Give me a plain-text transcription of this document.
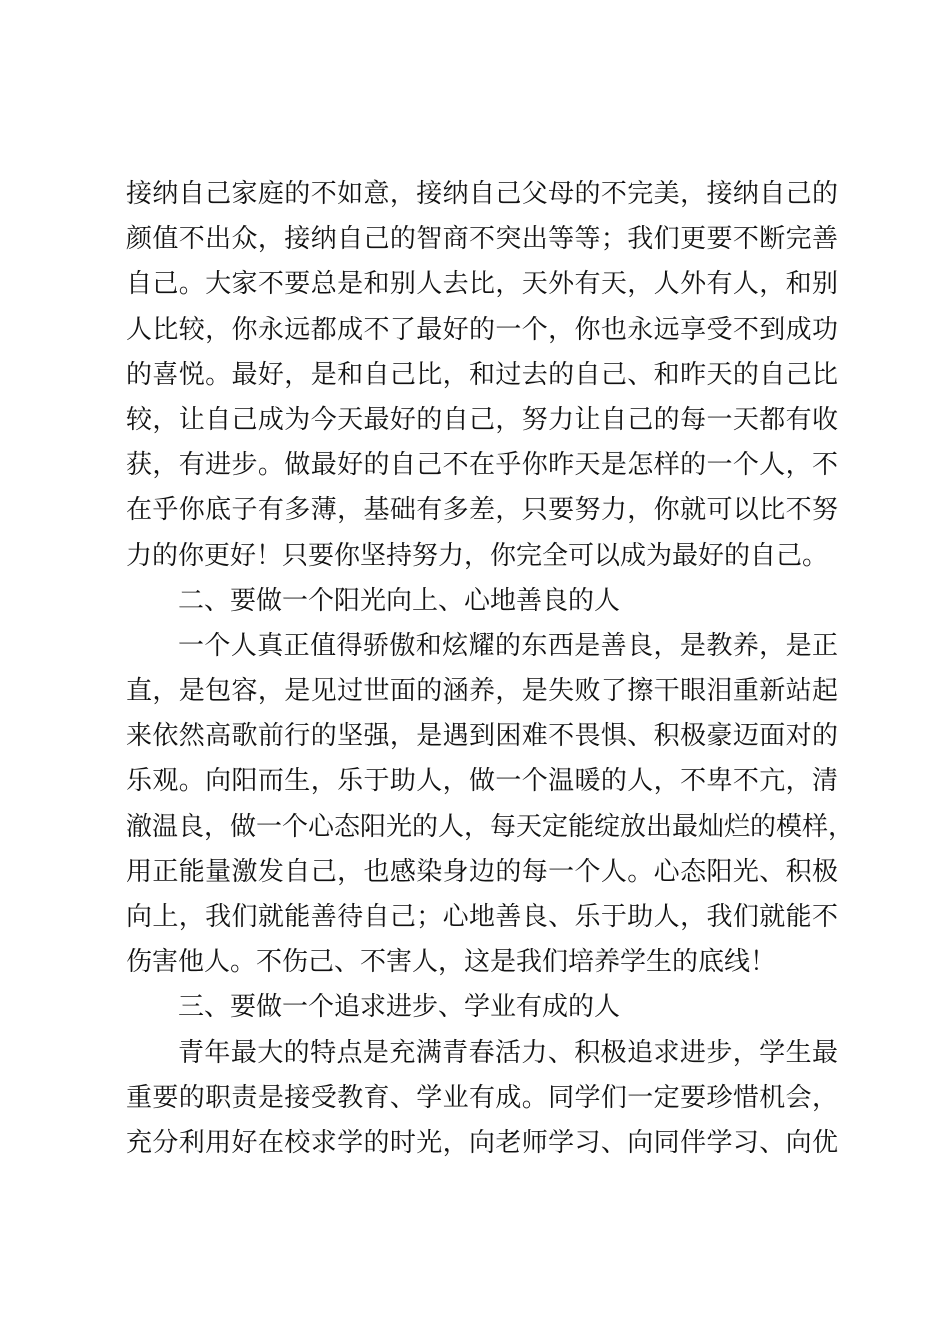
接纳自己家庭的不如意，接纳自己父母的不完美，接纳自己的
颜值不出众，接纳自己的智商不突出等等；我们更要不断完善
自己。大家不要总是和别人去比，天外有天，人外有人，和别
人比较，你永远都成不了最好的一个，你也永远享受不到成功
的喜悦。最好，是和自己比，和过去的自己、和昨天的自己比
较，让自己成为今天最好的自己，努力让自己的每一天都有收
获，有进步。做最好的自己不在乎你昨天是怎样的一个人，不
在乎你底子有多薄，基础有多差，只要努力，你就可以比不努
力的你更好！只要你坚持努力，你完全可以成为最好的自己。
二、要做一个阳光向上、心地善良的人
一个人真正值得骄傲和炫耀的东西是善良，是教养，是正
直，是包容，是见过世面的涵养，是失败了擦干眼泪重新站起
来依然高歌前行的坚强，是遇到困难不畏惧、积极豪迈面对的
乐观。向阳而生，乐于助人，做一个温暖的人，不卑不亢，清
澈温良，做一个心态阳光的人，每天定能绽放出最灿烂的模样，
用正能量激发自己，也感染身边的每一个人。心态阳光、积极
向上，我们就能善待自己；心地善良、乐于助人，我们就能不
伤害他人。不伤己、不害人，这是我们培养学生的底线！
三、要做一个追求进步、学业有成的人
青年最大的特点是充满青春活力、积极追求进步，学生最
重要的职责是接受教育、学业有成。同学们一定要珍惜机会，
充分利用好在校求学的时光，向老师学习、向同伴学习、向优
